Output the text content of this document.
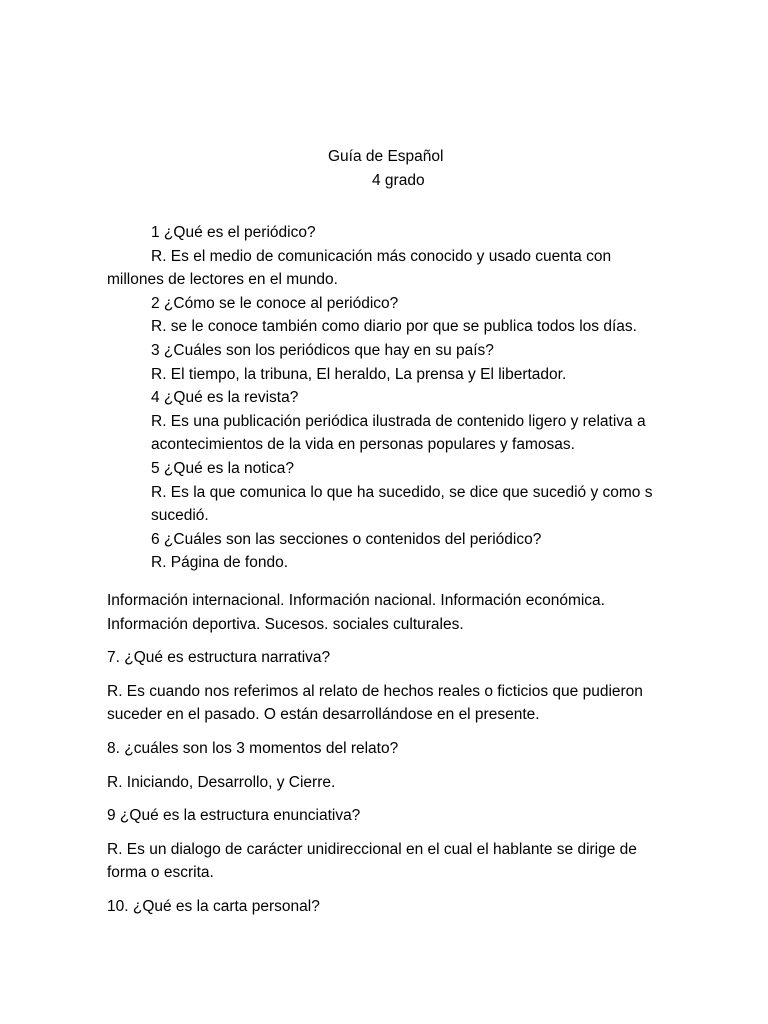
Guía de Español
4 grado

1 ¿Qué es el periódico?

R. Es el medio de comunicación más conocido y usado cuenta con millones de lectores en el mundo.

2 ¿Cómo se le conoce al periódico?

R. se le conoce también como diario por que se publica todos los días.

3 ¿Cuáles son los periódicos que hay en su país?

R. El tiempo, la tribuna, El heraldo, La prensa y El libertador.

4 ¿Qué es la revista?

R. Es una publicación periódica ilustrada de contenido ligero y relativa a acontecimientos de la vida en personas populares y famosas.

5 ¿Qué es la notica?

R. Es la que comunica lo que ha sucedido, se dice que sucedió y como s sucedió.

6 ¿Cuáles son las secciones o contenidos del periódico?

R. Página de fondo.

Información internacional. Información nacional. Información económica. Información deportiva. Sucesos. sociales culturales.

7. ¿Qué es estructura narrativa?

R. Es cuando nos referimos al relato de hechos reales o ficticios que pudieron suceder en el pasado. O están desarrollándose en el presente.

8. ¿cuáles son los 3 momentos del relato?

R. Iniciando, Desarrollo, y Cierre.

9 ¿Qué es la estructura enunciativa?

R. Es un dialogo de carácter unidireccional en el cual el hablante se dirige de forma o escrita.

10. ¿Qué es la carta personal?
